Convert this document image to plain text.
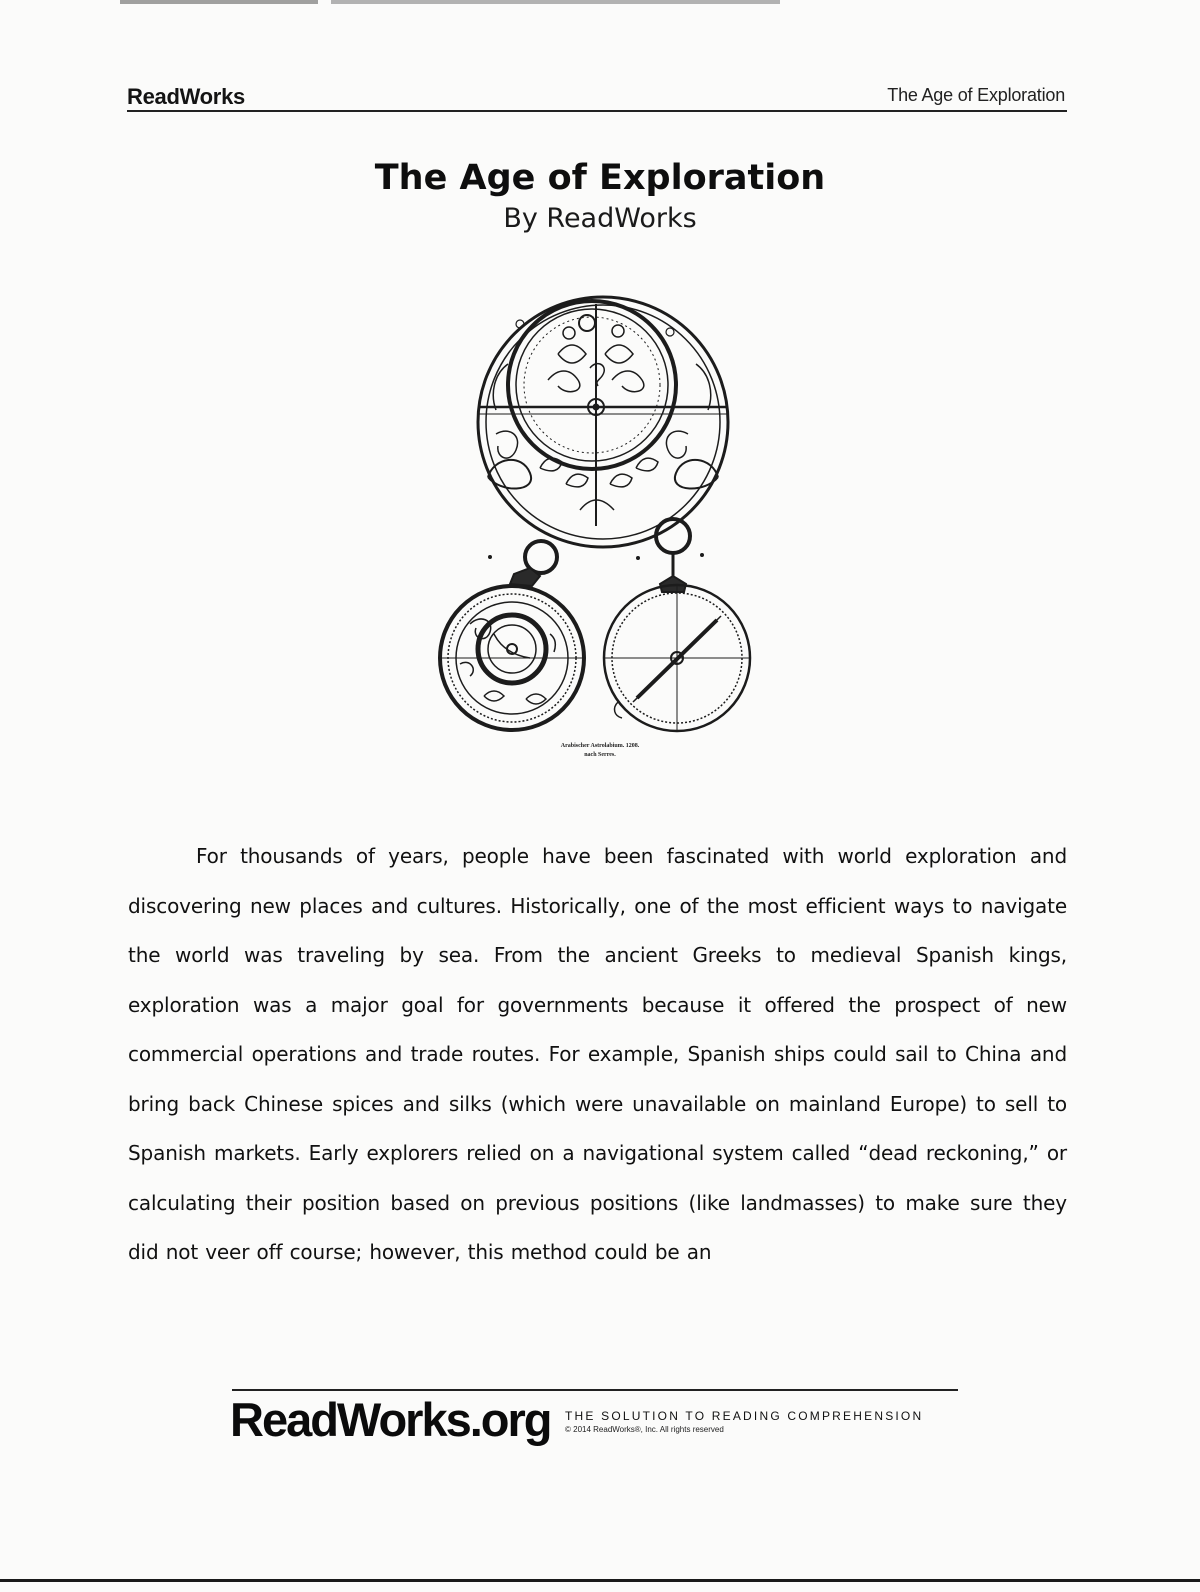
ReadWorks	The Age of Exploration
The Age of Exploration
By ReadWorks
Arabischer Astrolabium. 1208.
nach Serres.
For thousands of years, people have been fascinated with world exploration and discovering new places and cultures. Historically, one of the most efficient ways to navigate the world was traveling by sea. From the ancient Greeks to medieval Spanish kings, exploration was a major goal for governments because it offered the prospect of new commercial operations and trade routes. For example, Spanish ships could sail to China and bring back Chinese spices and silks (which were unavailable on mainland Europe) to sell to Spanish markets. Early explorers relied on a navigational system called “dead reckoning,” or calculating their position based on previous positions (like landmasses) to make sure they did not veer off course; however, this method could be an
ReadWorks.org THE SOLUTION TO READING COMPREHENSION
© 2014 ReadWorks®, Inc. All rights reserved
